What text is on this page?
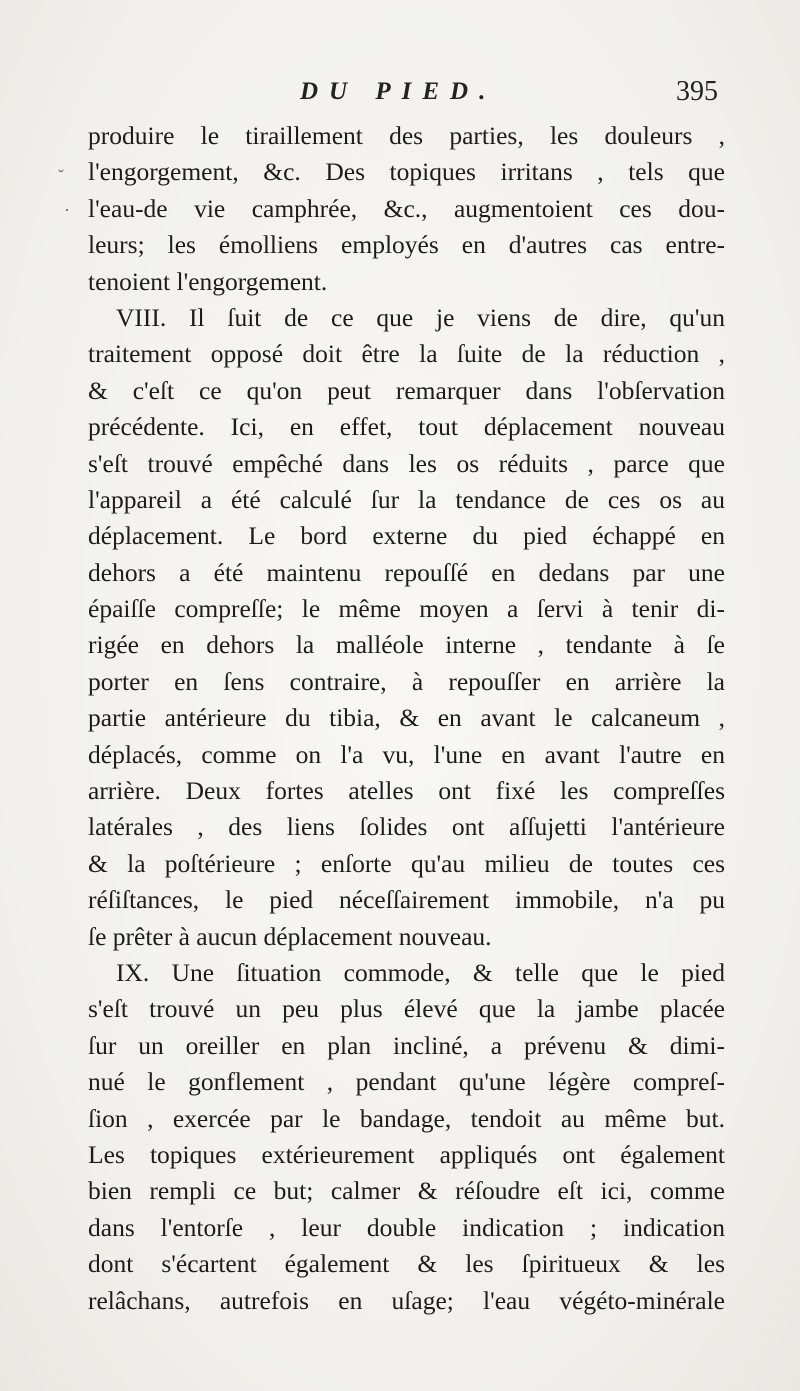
DU PIED.	395
˘
·
produire le tiraillement des parties, les douleurs ,
l'engorgement, &c. Des topiques irritans , tels que
l'eau-de vie camphrée, &c., augmentoient ces dou-
leurs; les émolliens employés en d'autres cas entre-
tenoient l'engorgement.
VIII. Il ſuit de ce que je viens de dire, qu'un
traitement opposé doit être la ſuite de la réduction ,
& c'eſt ce qu'on peut remarquer dans l'obſervation
précédente. Ici, en effet, tout déplacement nouveau
s'eſt trouvé empêché dans les os réduits , parce que
l'appareil a été calculé ſur la tendance de ces os au
déplacement. Le bord externe du pied échappé en
dehors a été maintenu repouſſé en dedans par une
épaiſſe compreſſe; le même moyen a ſervi à tenir di-
rigée en dehors la malléole interne , tendante à ſe
porter en ſens contraire, à repouſſer en arrière la
partie antérieure du tibia, & en avant le calcaneum ,
déplacés, comme on l'a vu, l'une en avant l'autre en
arrière. Deux fortes atelles ont fixé les compreſſes
latérales , des liens ſolides ont aſſujetti l'antérieure
& la poſtérieure ; enſorte qu'au milieu de toutes ces
réſiſtances, le pied néceſſairement immobile, n'a pu
ſe prêter à aucun déplacement nouveau.
IX. Une ſituation commode, & telle que le pied
s'eſt trouvé un peu plus élevé que la jambe placée
ſur un oreiller en plan incliné, a prévenu & dimi-
nué le gonflement , pendant qu'une légère compreſ-
ſion , exercée par le bandage, tendoit au même but.
Les topiques extérieurement appliqués ont également
bien rempli ce but; calmer & réſoudre eſt ici, comme
dans l'entorſe , leur double indication ; indication
dont s'écartent également & les ſpiritueux & les
relâchans, autrefois en uſage; l'eau végéto-minérale
